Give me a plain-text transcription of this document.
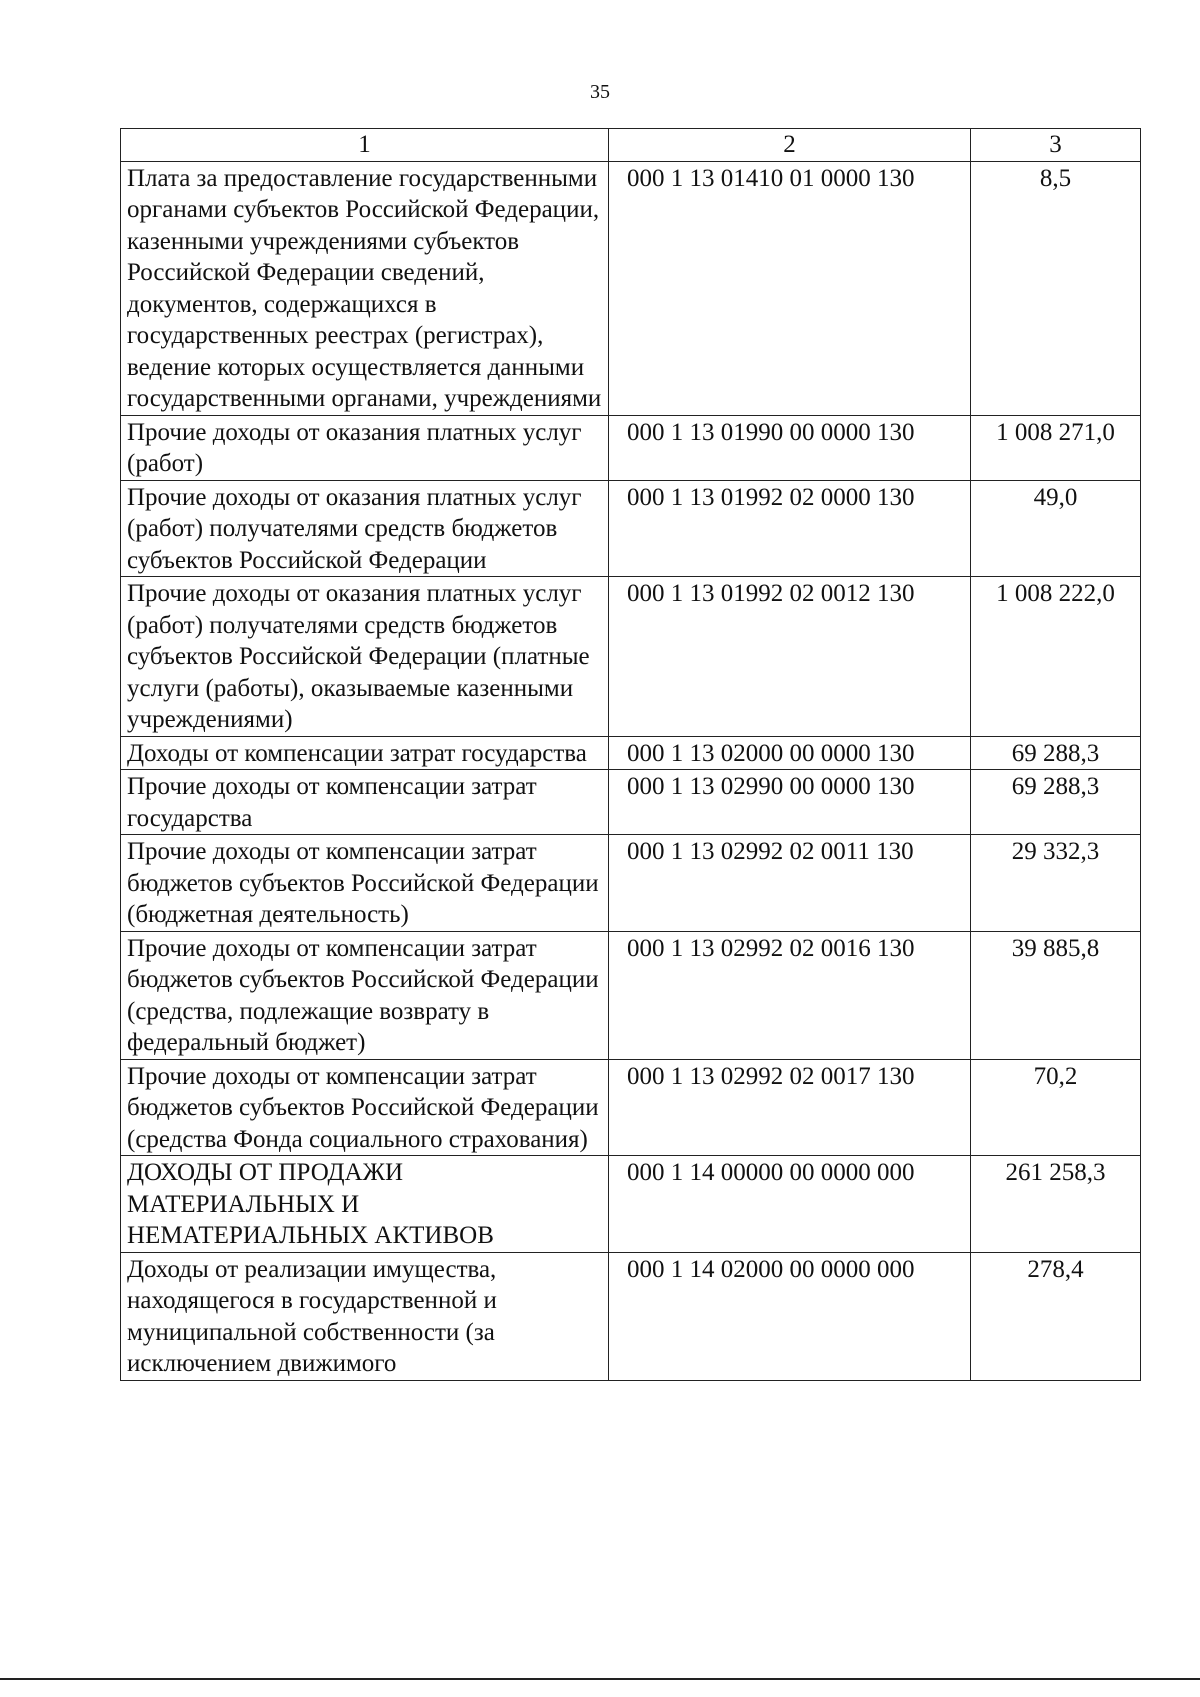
35
1	2	3
Плата за предоставление государственными органами субъектов Российской Федерации, казенными учреждениями субъектов Российской Федерации сведений, документов, содержащихся в государственных реестрах (регистрах), ведение которых осуществляется данными государственными органами, учреждениями	000 1 13 01410 01 0000 130	8,5
Прочие доходы от оказания платных услуг (работ)	000 1 13 01990 00 0000 130	1 008 271,0
Прочие доходы от оказания платных услуг (работ) получателями средств бюджетов субъектов Российской Федерации	000 1 13 01992 02 0000 130	49,0
Прочие доходы от оказания платных услуг (работ) получателями средств бюджетов субъектов Российской Федерации (платные услуги (работы), оказываемые казенными учреждениями)	000 1 13 01992 02 0012 130	1 008 222,0
Доходы от компенсации затрат государства	000 1 13 02000 00 0000 130	69 288,3
Прочие доходы от компенсации затрат государства	000 1 13 02990 00 0000 130	69 288,3
Прочие доходы от компенсации затрат бюджетов субъектов Российской Федерации (бюджетная деятельность)	000 1 13 02992 02 0011 130	29 332,3
Прочие доходы от компенсации затрат бюджетов субъектов Российской Федерации (средства, подлежащие возврату в федеральный бюджет)	000 1 13 02992 02 0016 130	39 885,8
Прочие доходы от компенсации затрат бюджетов субъектов Российской Федерации (средства Фонда социального страхования)	000 1 13 02992 02 0017 130	70,2
ДОХОДЫ ОТ ПРОДАЖИ МАТЕРИАЛЬНЫХ И НЕМАТЕРИАЛЬНЫХ АКТИВОВ	000 1 14 00000 00 0000 000	261 258,3
Доходы от реализации имущества, находящегося в государственной и муниципальной собственности (за исключением движимого	000 1 14 02000 00 0000 000	278,4
